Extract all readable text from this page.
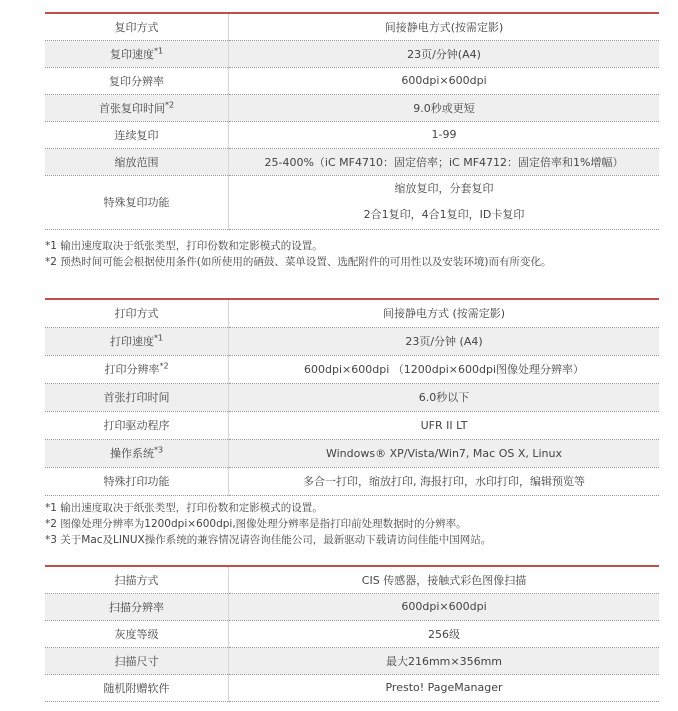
复印方式	间接静电方式(按需定影)
复印速度$^{*1}$	23页/分钟(A4)
复印分辨率	600dpi×600dpi
首张复印时间$^{*2}$	9.0秒或更短
连续复印	1-99
缩放范围	25-400%（iC MF4710：固定倍率；iC MF4712：固定倍率和1%增幅）
特殊复印功能	缩放复印，分套复印
2合1复印，4合1复印，ID卡复印
*1 输出速度取决于纸张类型，打印份数和定影模式的设置。
*2 预热时间可能会根据使用条件(如所使用的硒鼓、菜单设置、选配附件的可用性以及安装环境)而有所变化。
打印方式	间接静电方式 (按需定影)
打印速度$^{*1}$	23页/分钟 (A4)
打印分辨率$^{*2}$	600dpi×600dpi （1200dpi×600dpi图像处理分辨率）
首张打印时间	6.0秒以下
打印驱动程序	UFR II LT
操作系统$^{*3}$	Windows® XP/Vista/Win7, Mac OS X, Linux
特殊打印功能	多合一打印，缩放打印, 海报打印，水印打印，编辑预览等
*1 输出速度取决于纸张类型，打印份数和定影模式的设置。
*2 图像处理分辨率为1200dpi×600dpi,图像处理分辨率是指打印前处理数据时的分辨率。
*3 关于Mac及LINUX操作系统的兼容情况请咨询佳能公司，最新驱动下载请访问佳能中国网站。
扫描方式	CIS 传感器，接触式彩色图像扫描
扫描分辨率	600dpi×600dpi
灰度等级	256级
扫描尺寸	最大216mm×356mm
随机附赠软件	Presto! PageManager
